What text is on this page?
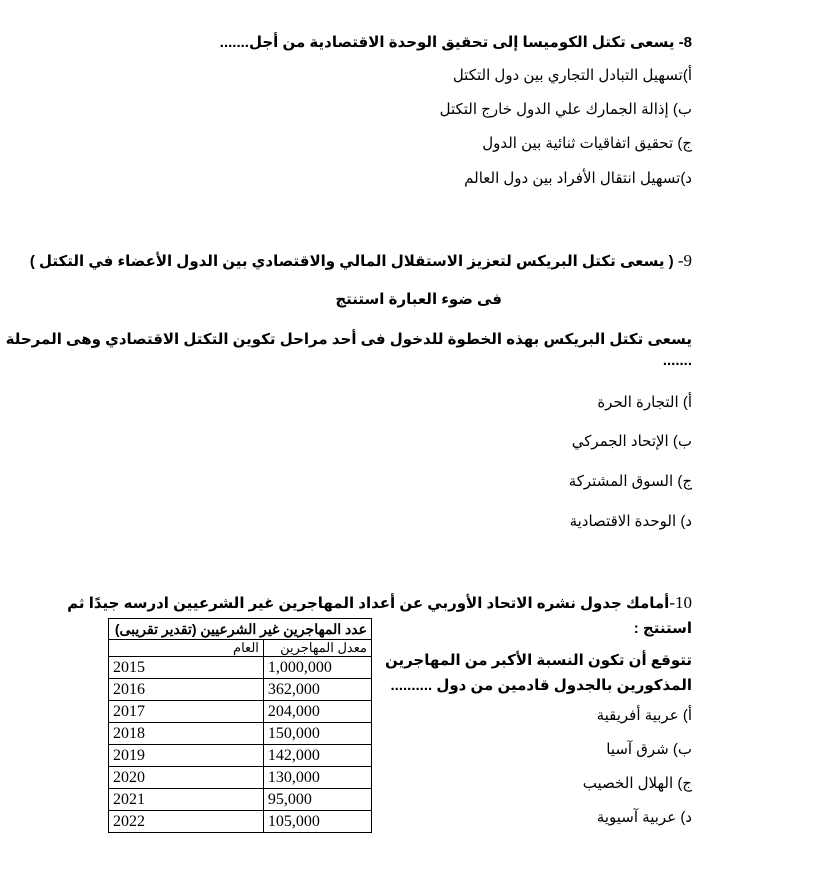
8- يسعى تكتل الكوميسا إلى تحقيق الوحدة الاقتصادية من أجل.......
أ)تسهيل التبادل التجاري بين دول التكتل
ب) إذالة الجمارك علي الدول خارج التكتل
ج) تحقيق اتفاقيات ثنائية بين الدول
د)تسهيل انتقال الأفراد بين دول العالم
9- ( يسعى تكتل البريكس لتعزيز الاستقلال المالي والاقتصادي بين الدول الأعضاء في التكتل )
فى ضوء العبارة استنتج
يسعى تكتل البريكس بهذه الخطوة للدخول فى أحد مراحل تكوين التكتل الاقتصادي وهى المرحلة
.......
أ) التجارة الحرة
ب) الإتحاد الجمركي
ج) السوق المشتركة
د) الوحدة الاقتصادية
10-أمامك جدول نشره الاتحاد الأوربي عن أعداد المهاجرين غير الشرعيين ادرسه جيدًا ثم
استنتج :
تتوقع أن تكون النسبة الأكبر من المهاجرين
المذكورين بالجدول قادمين من دول ..........
أ) عربية أفريقية
ب) شرق آسيا
ج) الهلال الخصيب
د) عربية آسيوية
عدد المهاجرين غير الشرعيين (تقدير تقريبى)	
معدل المهاجرين	العام
1,000,000	2015
362,000	2016
204,000	2017
150,000	2018
142,000	2019
130,000	2020
95,000	2021
105,000	2022
